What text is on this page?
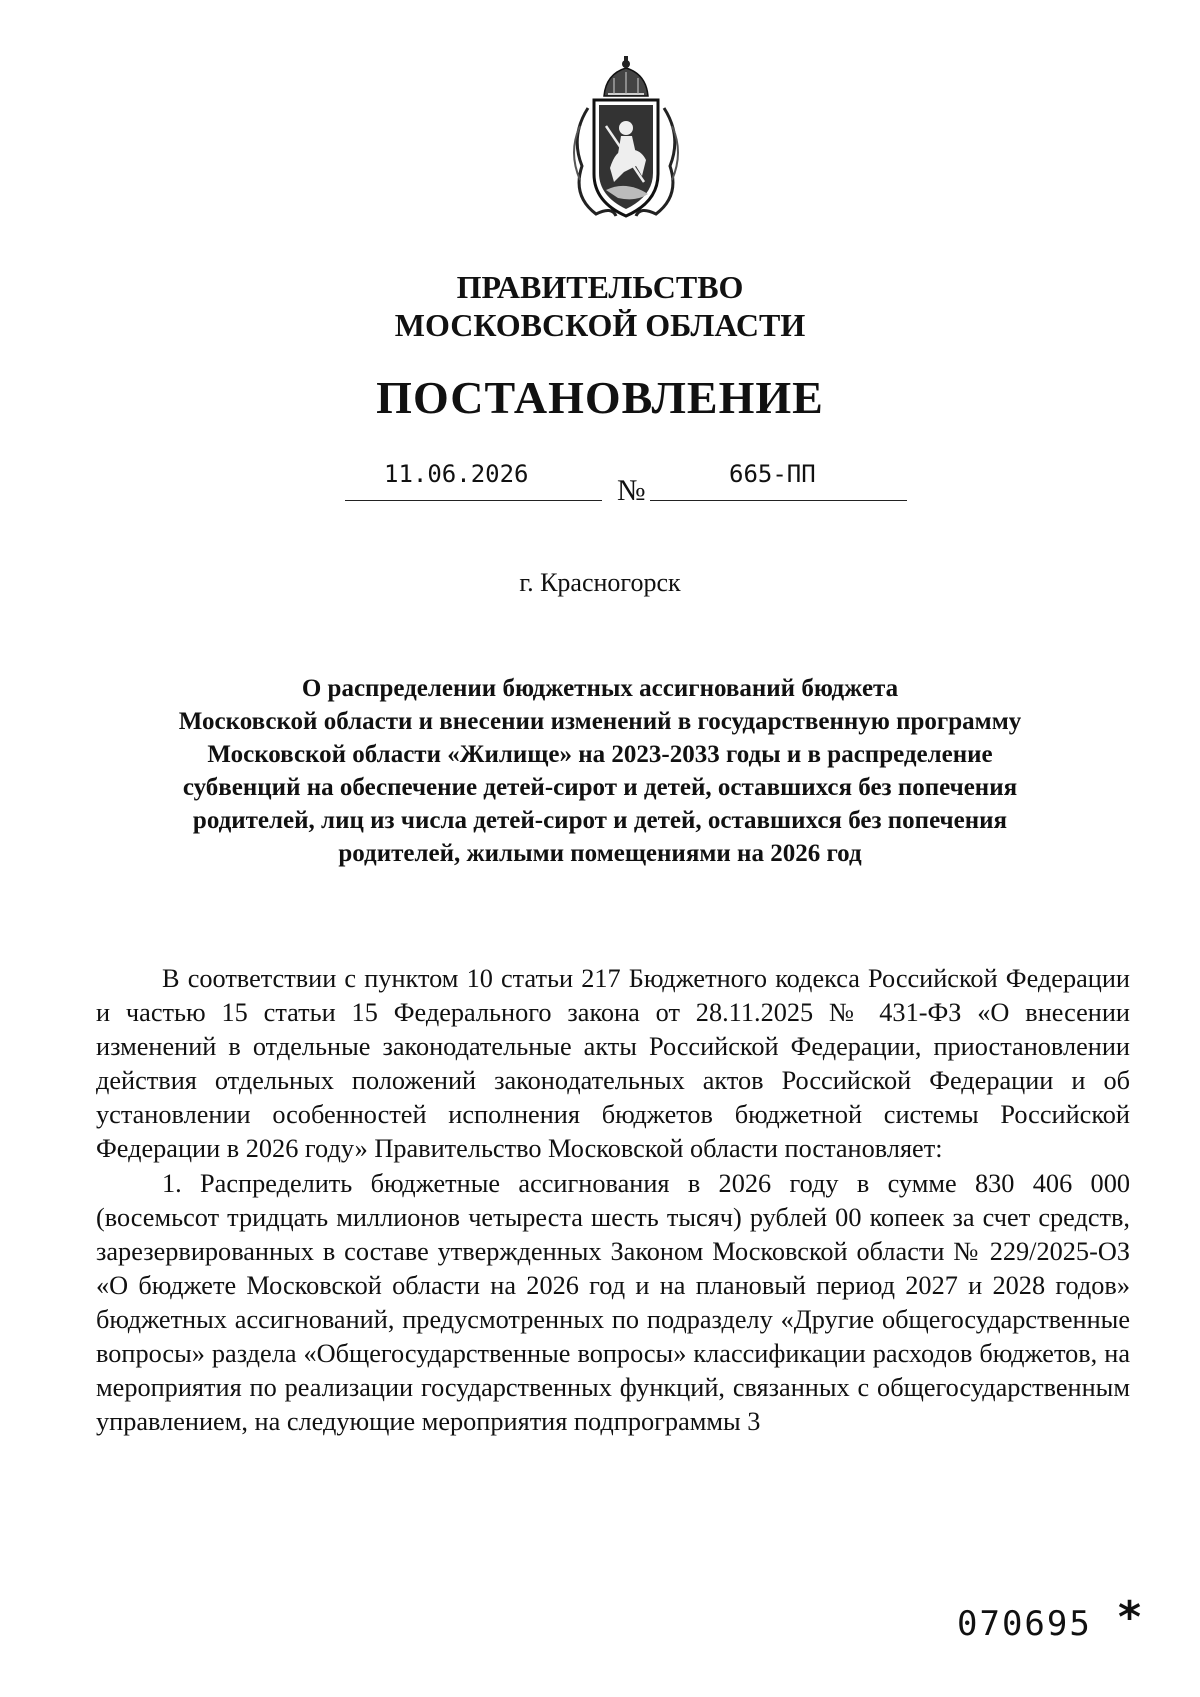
ПРАВИТЕЛЬСТВО
МОСКОВСКОЙ ОБЛАСТИ
ПОСТАНОВЛЕНИЕ
11.06.2026	№	665-ПП
г. Красногорск
О распределении бюджетных ассигнований бюджета
Московской области и внесении изменений в государственную программу
Московской области «Жилище» на 2023-2033 годы и в распределение
субвенций на обеспечение детей-сирот и детей, оставшихся без попечения
родителей, лиц из числа детей-сирот и детей, оставшихся без попечения
родителей, жилыми помещениями на 2026 год

В соответствии с пунктом 10 статьи 217 Бюджетного кодекса Российской Федерации и частью 15 статьи 15 Федерального закона от 28.11.2025 № 431-ФЗ «О внесении изменений в отдельные законодательные акты Российской Федерации, приостановлении действия отдельных положений законодательных актов Российской Федерации и об установлении особенностей исполнения бюджетов бюджетной системы Российской Федерации в 2026 году» Правительство Московской области постановляет:

1. Распределить бюджетные ассигнования в 2026 году в сумме 830 406 000 (восемьсот тридцать миллионов четыреста шесть тысяч) рублей 00 копеек за счет средств, зарезервированных в составе утвержденных Законом Московской области № 229/2025-ОЗ «О бюджете Московской области на 2026 год и на плановый период 2027 и 2028 годов» бюджетных ассигнований, предусмотренных по подразделу «Другие общегосударственные вопросы» раздела «Общегосударственные вопросы» классификации расходов бюджетов, на мероприятия по реализации государственных функций, связанных с общегосударственным управлением, на следующие мероприятия подпрограммы 3

070695 *
